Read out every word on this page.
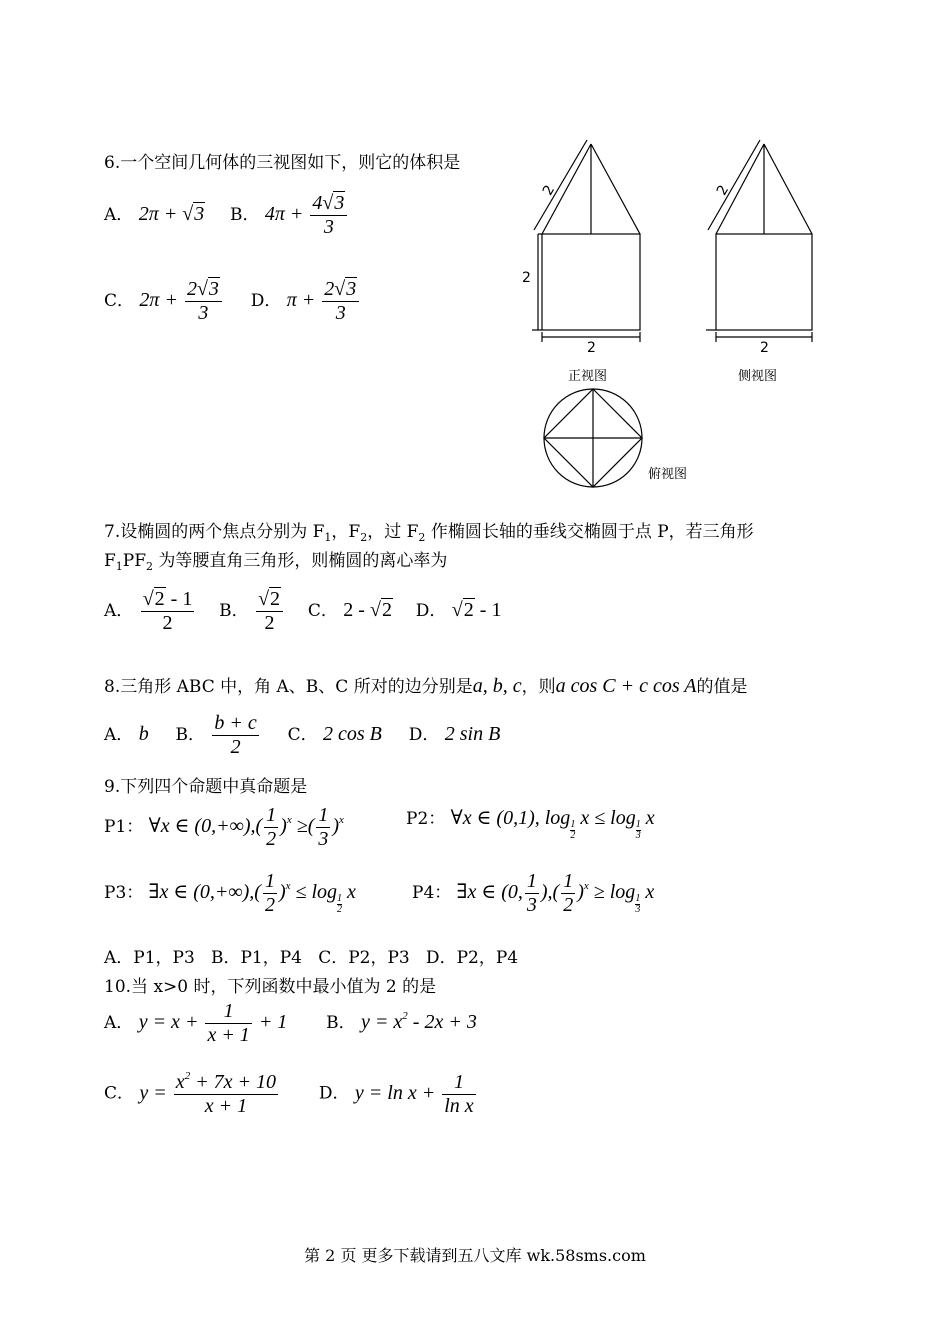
6.一个空间几何体的三视图如下，则它的体积是
A． 2π + √3 B． $4\pi + \frac{4√3}{3}$
C． $2\pi + \frac{2√3}{3}$ D． $\pi + \frac{2√3}{3}$
2
2
2
正视图
2
2
侧视图
俯视图
7.设椭圆的两个焦点分别为 $F_1$，$F_2$，过 $F_2$ 作椭圆长轴的垂线交椭圆于点 P，若三角形
$F_1PF_2$ 为等腰直角三角形，则椭圆的离心率为
A． $\frac{√2 - 1}{2}$ B． $\frac{√2}{2}$ C． 2 - √2 D． √2 - 1
8.三角形 ABC 中，角 A、B、C 所对的边分别是a, b, c，则a cos C + c cos A的值是
A． b B． $\frac{b + c}{2}$ C． 2 cos B D． 2 sin B
9.下列四个命题中真命题是
P1： ∀x ∈ $(0,+\infty),( \frac{1}{2} )^x$ ≥( $\frac{1}{3} )^x$	P2： ∀x ∈ (0,1), log
$\frac{1}{2}$
x ≤ log
$\frac{1}{3}$
x
P3： ∃x ∈ $(0,+\infty),( \frac{1}{2} )^x \le \log$
$\frac{1}{2}$
x	P4： ∃x ∈ (0, $\frac{1}{3}$ ),( $\frac{1}{2} )^x \ge \log$
$\frac{1}{3}$
x
A．P1，P3   B．P1，P4   C．P2，P3   D．P2，P4
10.当 x>0 时，下列函数中最小值为 2 的是
A． $y = x + \frac{1}{x + 1} + 1$ B． $y = x^2 - 2x + 3$
C． $y = \frac{x^2 + 7x + 10}{x + 1}$ D． $y = \ln x + \frac{1}{\text{ln x}}$
第 2 页 更多下载请到五八文库 wk.58sms.com
